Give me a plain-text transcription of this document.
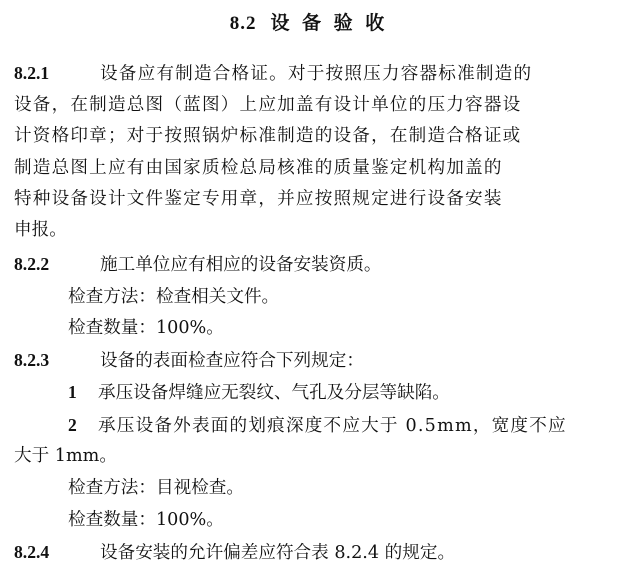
8.2 设 备 验 收
8.2.1	设备应有制造合格证。对于按照压力容器标准制造的
设备，在制造总图（蓝图）上应加盖有设计单位的压力容器设
计资格印章；对于按照锅炉标准制造的设备，在制造合格证或
制造总图上应有由国家质检总局核准的质量鉴定机构加盖的
特种设备设计文件鉴定专用章，并应按照规定进行设备安装
申报。
8.2.2	施工单位应有相应的设备安装资质。
检查方法：检查相关文件。
检查数量：100%。
8.2.3	设备的表面检查应符合下列规定：
1 承压设备焊缝应无裂纹、气孔及分层等缺陷。
2 承压设备外表面的划痕深度不应大于 0.5mm，宽度不应
大于 1mm。
检查方法：目视检查。
检查数量：100%。
8.2.4	设备安装的允许偏差应符合表 8.2.4 的规定。
